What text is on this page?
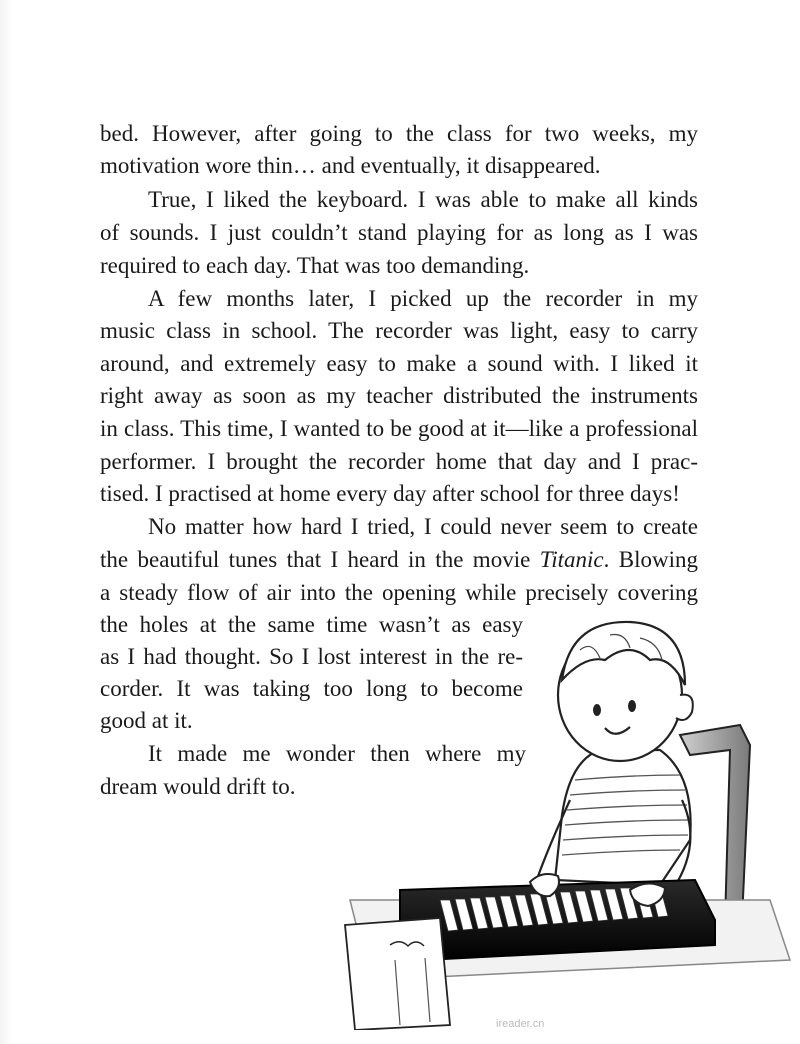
bed. However, after going to the class for two weeks, my
motivation wore thin… and eventually, it disappeared.
True, I liked the keyboard. I was able to make all kinds
of sounds. I just couldn’t stand playing for as long as I was
required to each day. That was too demanding.
A few months later, I picked up the recorder in my
music class in school. The recorder was light, easy to carry
around, and extremely easy to make a sound with. I liked it
right away as soon as my teacher distributed the instruments
in class. This time, I wanted to be good at it—like a professional
performer. I brought the recorder home that day and I prac-
tised. I practised at home every day after school for three days!
No matter how hard I tried, I could never seem to create
the beautiful tunes that I heard in the movie Titanic. Blowing
a steady flow of air into the opening while precisely covering
the holes at the same time wasn’t as easy
as I had thought. So I lost interest in the re-
corder. It was taking too long to become
good at it.
It made me wonder then where my
dream would drift to.
ireader.cn
